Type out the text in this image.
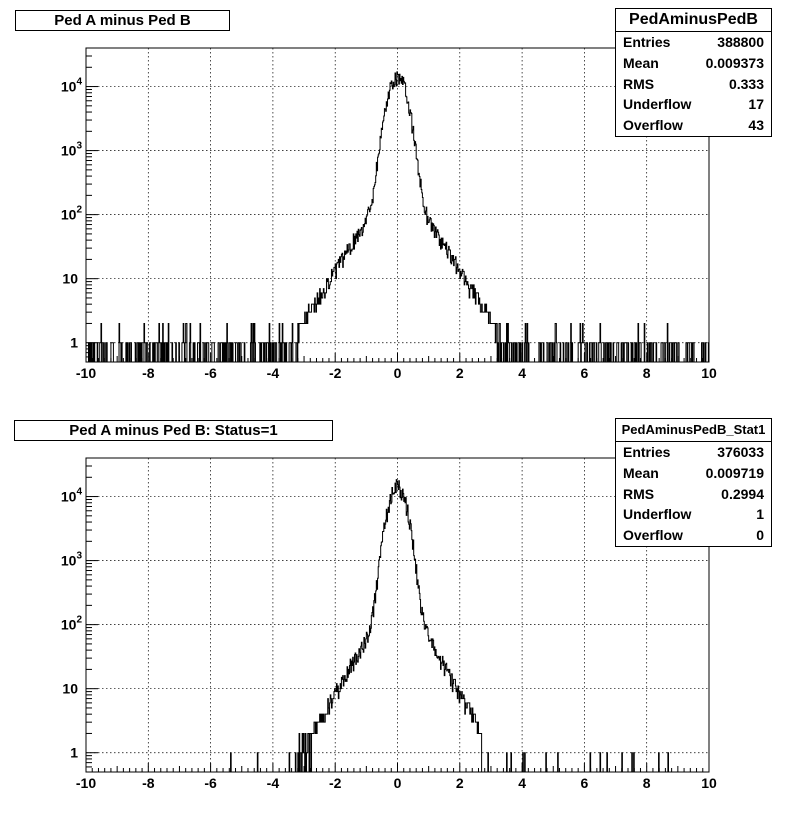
-10	-8	-6	-4	-2	0	2	4	6	8	10
1
10
$10^2$
$10^3$
$10^4$
Ped A minus Ped B	PedAminusPedB
Entries	388800
Mean	0.009373
RMS	0.333
Underflow	17
Overflow	43
-10	-8	-6	-4	-2	0	2	4	6	8	10
1
10
$10^2$
$10^3$
$10^4$
Ped A minus Ped B: Status=1	PedAminusPedB_Stat1
Entries	376033
Mean	0.009719
RMS	0.2994
Underflow	1
Overflow	0
